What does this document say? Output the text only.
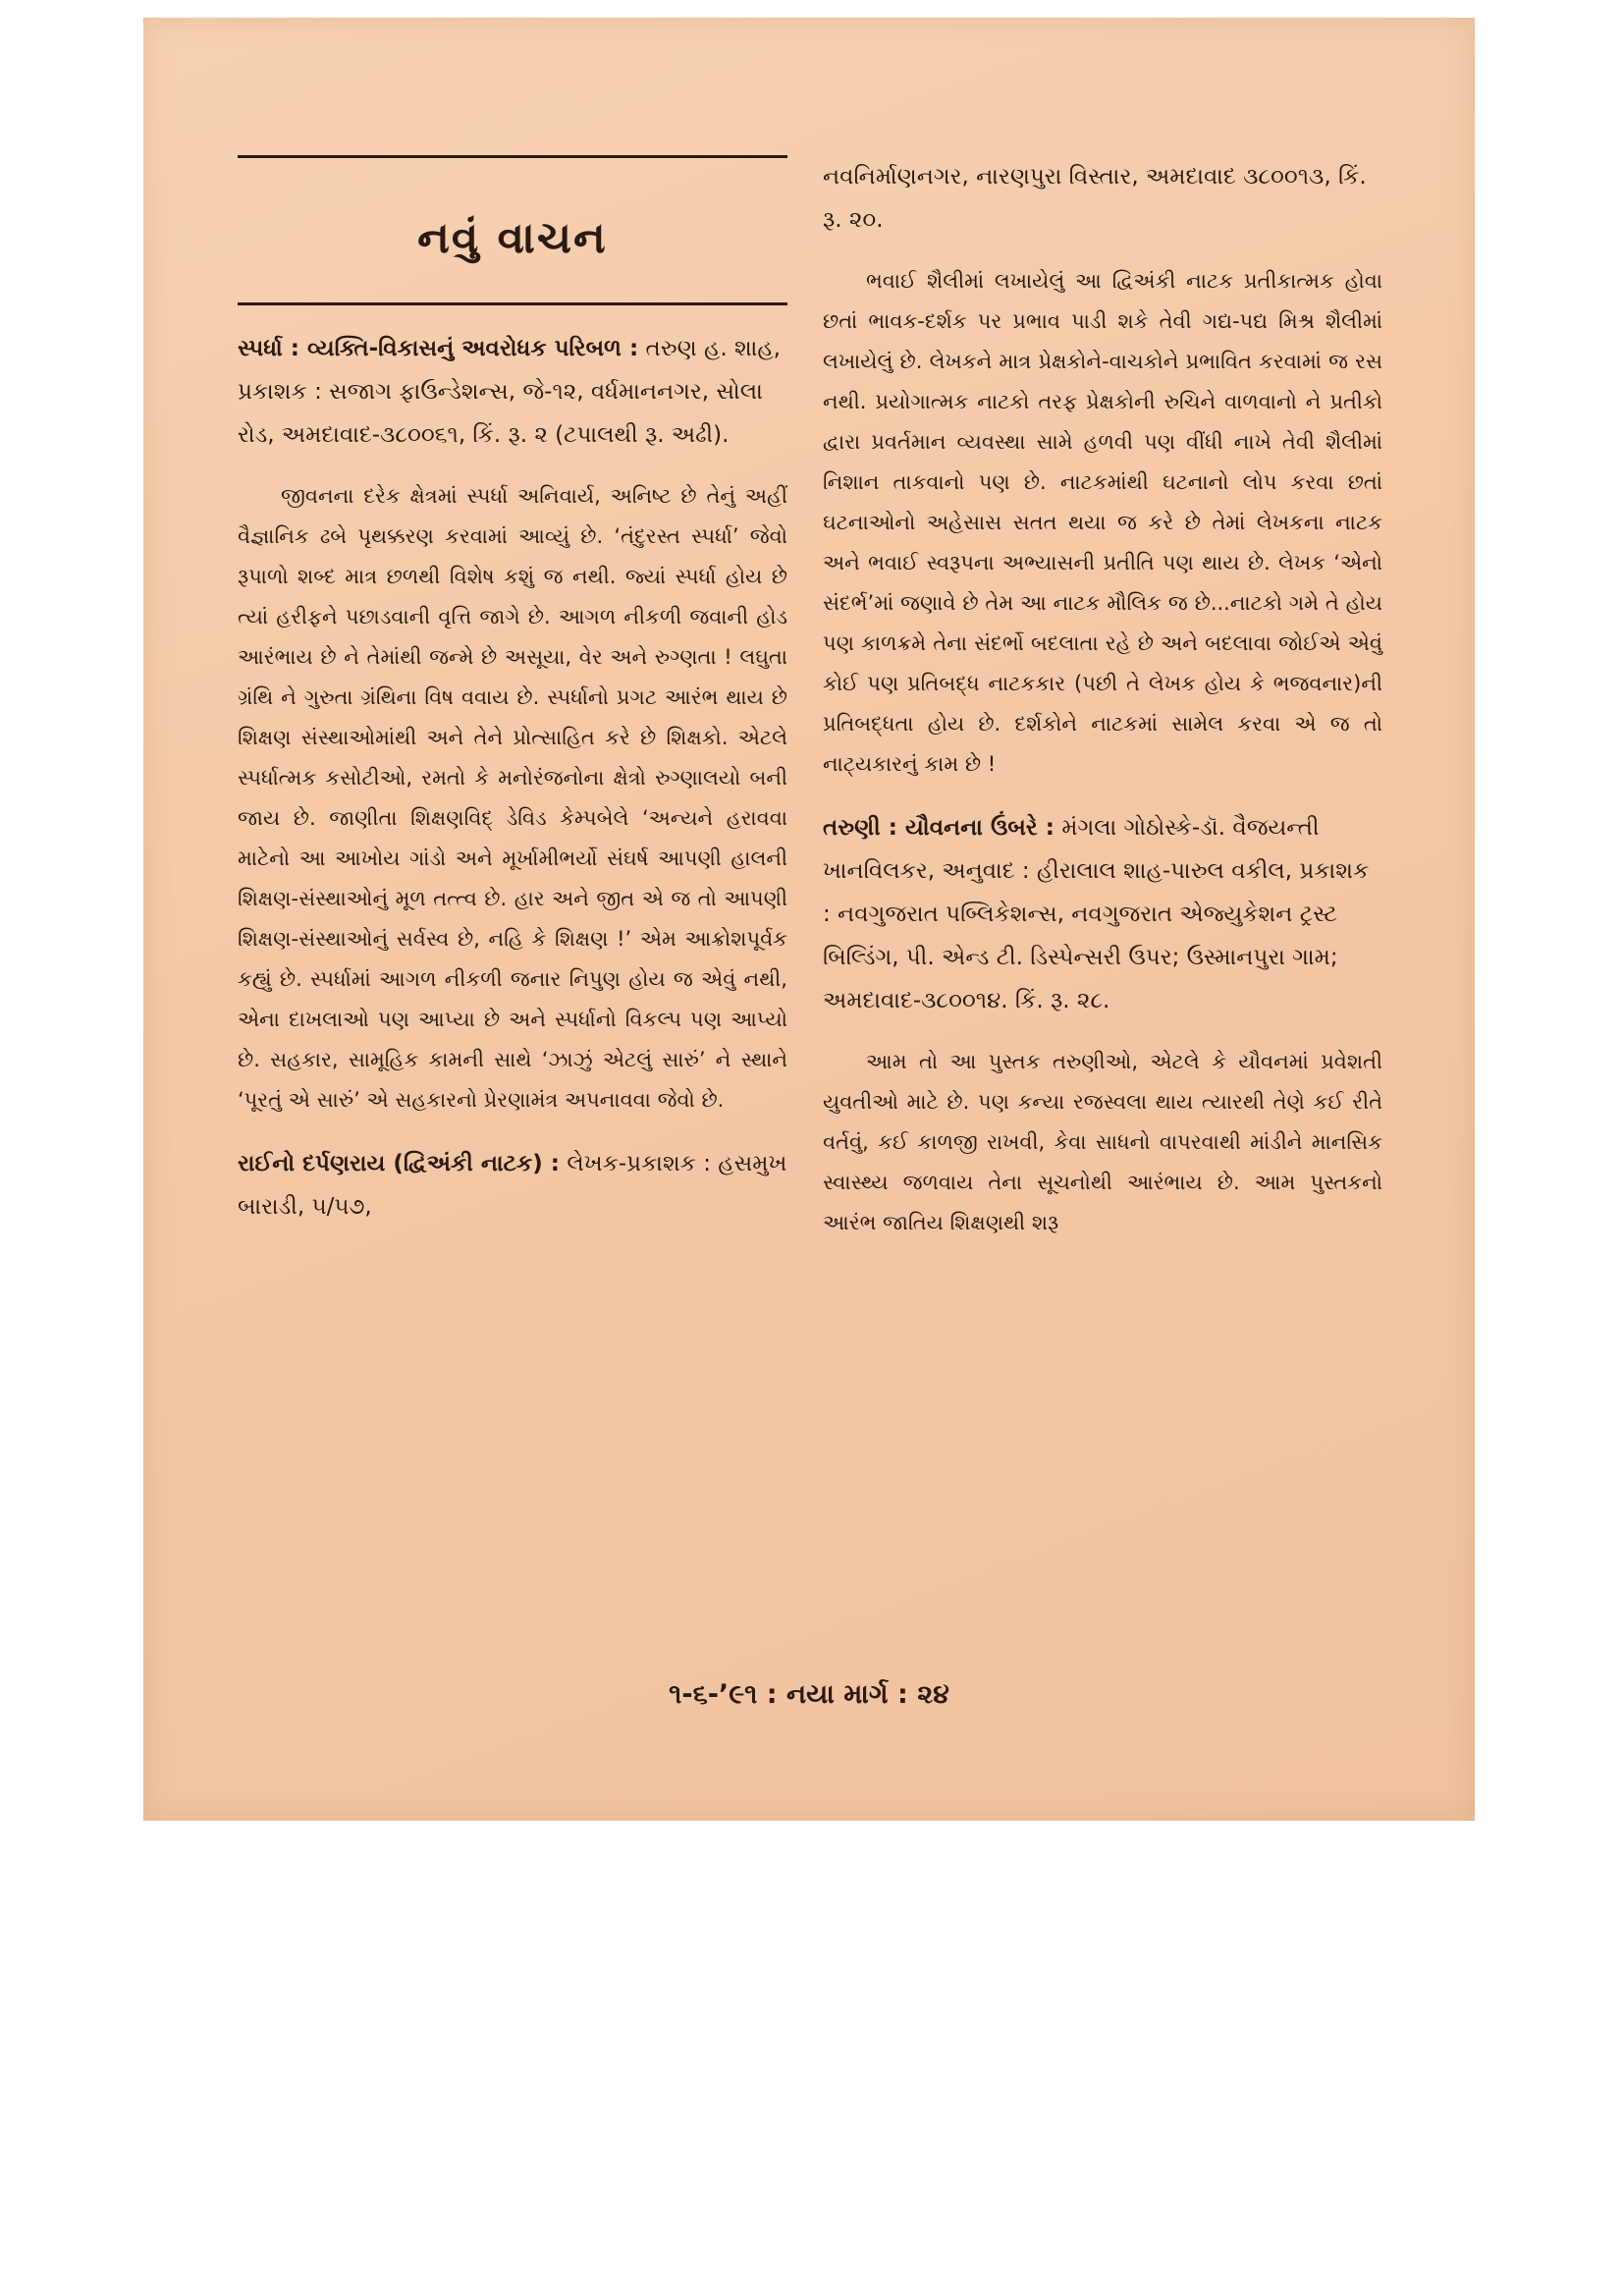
નવું વાચન
સ્પર્ધા : વ્યક્તિ-વિકાસનું અવરોધક પરિબળ : તરુણ હ. શાહ, પ્રકાશક : સજાગ ફાઉન્ડેશન્સ, જે-૧૨, વર્ધમાનનગર, સોલા રોડ, અમદાવાદ-૩૮૦૦૬૧, કિં. રૂ. ૨ (ટપાલથી રૂ. અઢી).

જીવનના દરેક ક્ષેત્રમાં સ્પર્ધા અનિવાર્ય, અનિષ્ટ છે તેનું અહીં વૈજ્ઞાનિક ઢબે પૃથક્કરણ કરવામાં આવ્યું છે. ‘તંદુરસ્ત સ્પર્ધા’ જેવો રૂપાળો શબ્દ માત્ર છળથી વિશેષ કશું જ નથી. જ્યાં સ્પર્ધા હોય છે ત્યાં હરીફને પછાડવાની વૃત્તિ જાગે છે. આગળ નીકળી જવાની હોડ આરંભાય છે ને તેમાંથી જન્મે છે અસૂયા, વેર અને રુગ્ણતા ! લઘુતા ગ્રંથિ ને ગુરુતા ગ્રંથિના વિષ વવાય છે. સ્પર્ધાનો પ્રગટ આરંભ થાય છે શિક્ષણ સંસ્થાઓમાંથી અને તેને પ્રોત્સાહિત કરે છે શિક્ષકો. એટલે સ્પર્ધાત્મક કસોટીઓ, રમતો કે મનોરંજનોના ક્ષેત્રો રુગ્ણાલયો બની જાય છે. જાણીતા શિક્ષણવિદ્ ડેવિડ કેમ્પબેલે ‘અન્યને હરાવવા માટેનો આ આખોય ગાંડો અને મૂર્ખામીભર્યો સંઘર્ષ આપણી હાલની શિક્ષણ-સંસ્થાઓનું મૂળ તત્ત્વ છે. હાર અને જીત એ જ તો આપણી શિક્ષણ-સંસ્થાઓનું સર્વસ્વ છે, નહિ કે શિક્ષણ !’ એમ આક્રોશપૂર્વક કહ્યું છે. સ્પર્ધામાં આગળ નીકળી જનાર નિપુણ હોય જ એવું નથી, એના દાખલાઓ પણ આપ્યા છે અને સ્પર્ધાનો વિકલ્પ પણ આપ્યો છે. સહકાર, સામૂહિક કામની સાથે ‘ઝાઝું એટલું સારું’ ને સ્થાને ‘પૂરતું એ સારું’ એ સહકારનો પ્રેરણામંત્ર અપનાવવા જેવો છે.

રાઈનો દર્પણરાય (દ્વિઅંકી નાટક) : લેખક-પ્રકાશક : હસમુખ બારાડી, ૫/૫૭,
નવનિર્માણનગર, નારણપુરા વિસ્તાર, અમદાવાદ ૩૮૦૦૧૩, કિં. રૂ. ૨૦.

ભવાઈ શૈલીમાં લખાયેલું આ દ્વિઅંકી નાટક પ્રતીકાત્મક હોવા છતાં ભાવક-દર્શક પર પ્રભાવ પાડી શકે તેવી ગદ્ય-પદ્ય મિશ્ર શૈલીમાં લખાયેલું છે. લેખકને માત્ર પ્રેક્ષકોને-વાચકોને પ્રભાવિત કરવામાં જ રસ નથી. પ્રયોગાત્મક નાટકો તરફ પ્રેક્ષકોની રુચિને વાળવાનો ને પ્રતીકો દ્વારા પ્રવર્તમાન વ્યવસ્થા સામે હળવી પણ વીંધી નાખે તેવી શૈલીમાં નિશાન તાકવાનો પણ છે. નાટકમાંથી ઘટનાનો લોપ કરવા છતાં ઘટનાઓનો અહેસાસ સતત થયા જ કરે છે તેમાં લેખકના નાટક અને ભવાઈ સ્વરૂપના અભ્યાસની પ્રતીતિ પણ થાય છે. લેખક ‘એનો સંદર્ભ’માં જણાવે છે તેમ આ નાટક મૌલિક જ છે...નાટકો ગમે તે હોય પણ કાળક્રમે તેના સંદર્ભો બદલાતા રહે છે અને બદલાવા જોઈએ એવું કોઈ પણ પ્રતિબદ્ધ નાટકકાર (પછી તે લેખક હોય કે ભજવનાર)ની પ્રતિબદ્ધતા હોય છે. દર્શકોને નાટકમાં સામેલ કરવા એ જ તો નાટ્યકારનું કામ છે !

તરુણી : યૌવનના ઉંબરે : મંગલા ગોઠોસ્કે-ડૉ. વૈજયન્તી ખાનવિલકર, અનુવાદ : હીરાલાલ શાહ-પારુલ વકીલ, પ્રકાશક : નવગુજરાત પબ્લિકેશન્સ, નવગુજરાત એજ્યુકેશન ટ્રસ્ટ બિલ્ડિંગ, પી. એન્ડ ટી. ડિસ્પેન્સરી ઉપર; ઉસ્માનપુરા ગામ; અમદાવાદ-૩૮૦૦૧૪. કિં. રૂ. ૨૮.

આમ તો આ પુસ્તક તરુણીઓ, એટલે કે યૌવનમાં પ્રવેશતી યુવતીઓ માટે છે. પણ કન્યા રજસ્વલા થાય ત્યારથી તેણે કઈ રીતે વર્તવું, કઈ કાળજી રાખવી, કેવા સાધનો વાપરવાથી માંડીને માનસિક સ્વાસ્થ્ય જળવાય તેના સૂચનોથી આરંભાય છે. આમ પુસ્તકનો આરંભ જાતિય શિક્ષણથી શરૂ

૧-૬-’૯૧ : નયા માર્ગ : ૨૪
